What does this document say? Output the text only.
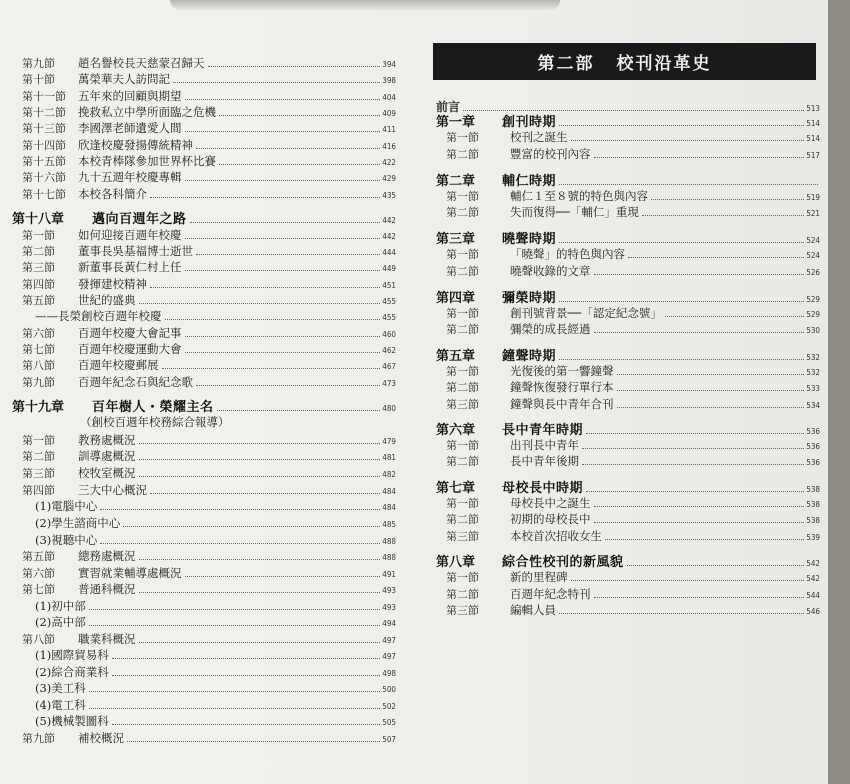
第九節	趙名譽校長天慈蒙召歸天	394
第十節	萬榮華夫人訪問記	398
第十一節	五年來的回顧與期望	404
第十二節	挽救私立中學所面臨之危機	409
第十三節	李國澤老師遺愛人間	411
第十四節	欣逢校慶發揚傳統精神	416
第十五節	本校青棒隊參加世界杯比賽	422
第十六節	九十五週年校慶專輯	429
第十七節	本校各科簡介	435
第十八章	邁向百週年之路	442
第一節	如何迎接百週年校慶	442
第二節	董事長吳基福博士逝世	444
第三節	新董事長黃仁村上任	449
第四節	發揮建校精神	451
第五節	世紀的盛典	455
——長榮創校百週年校慶	455
第六節	百週年校慶大會記事	460
第七節	百週年校慶運動大會	462
第八節	百週年校慶郵展	467
第九節	百週年紀念石與紀念歌	473
第十九章	百年樹人・榮耀主名	480
（創校百週年校務綜合報導）
第一節	教務處概況	479
第二節	訓導處概況	481
第三節	校牧室概況	482
第四節	三大中心概況	484
(1)電腦中心	484
(2)學生諮商中心	485
(3)視聽中心	488
第五節	總務處概況	488
第六節	實習就業輔導處概況	491
第七節	普通科概況	493
(1)初中部	493
(2)高中部	494
第八節	職業科概況	497
(1)國際貿易科	497
(2)綜合商業科	498
(3)美工科	500
(4)電工科	502
(5)機械製圖科	505
第九節	補校概況	507
第二部 校刊沿革史
前言	513
第一章	創刊時期	514
第一節	校刊之誕生	514
第二節	豐富的校刊內容	517
第二章	輔仁時期
第一節	輔仁１至８號的特色與內容	519
第二節	失而復得──「輔仁」重現	521
第三章	曉聲時期	524
第一節	「曉聲」的特色與內容	524
第二節	曉聲收錄的文章	526
第四章	彌榮時期	529
第一節	創刊號背景──「認定紀念號」	529
第二節	彌榮的成長經過	530
第五章	鐘聲時期	532
第一節	光復後的第一響鐘聲	532
第二節	鐘聲恢復發行單行本	533
第三節	鐘聲與長中青年合刊	534
第六章	長中青年時期	536
第一節	出刊長中青年	536
第二節	長中青年後期	536
第七章	母校長中時期	538
第一節	母校長中之誕生	538
第二節	初期的母校長中	538
第三節	本校首次招收女生	539
第八章	綜合性校刊的新風貌	542
第一節	新的里程碑	542
第二節	百週年紀念特刊	544
第三節	編輯人員	546
